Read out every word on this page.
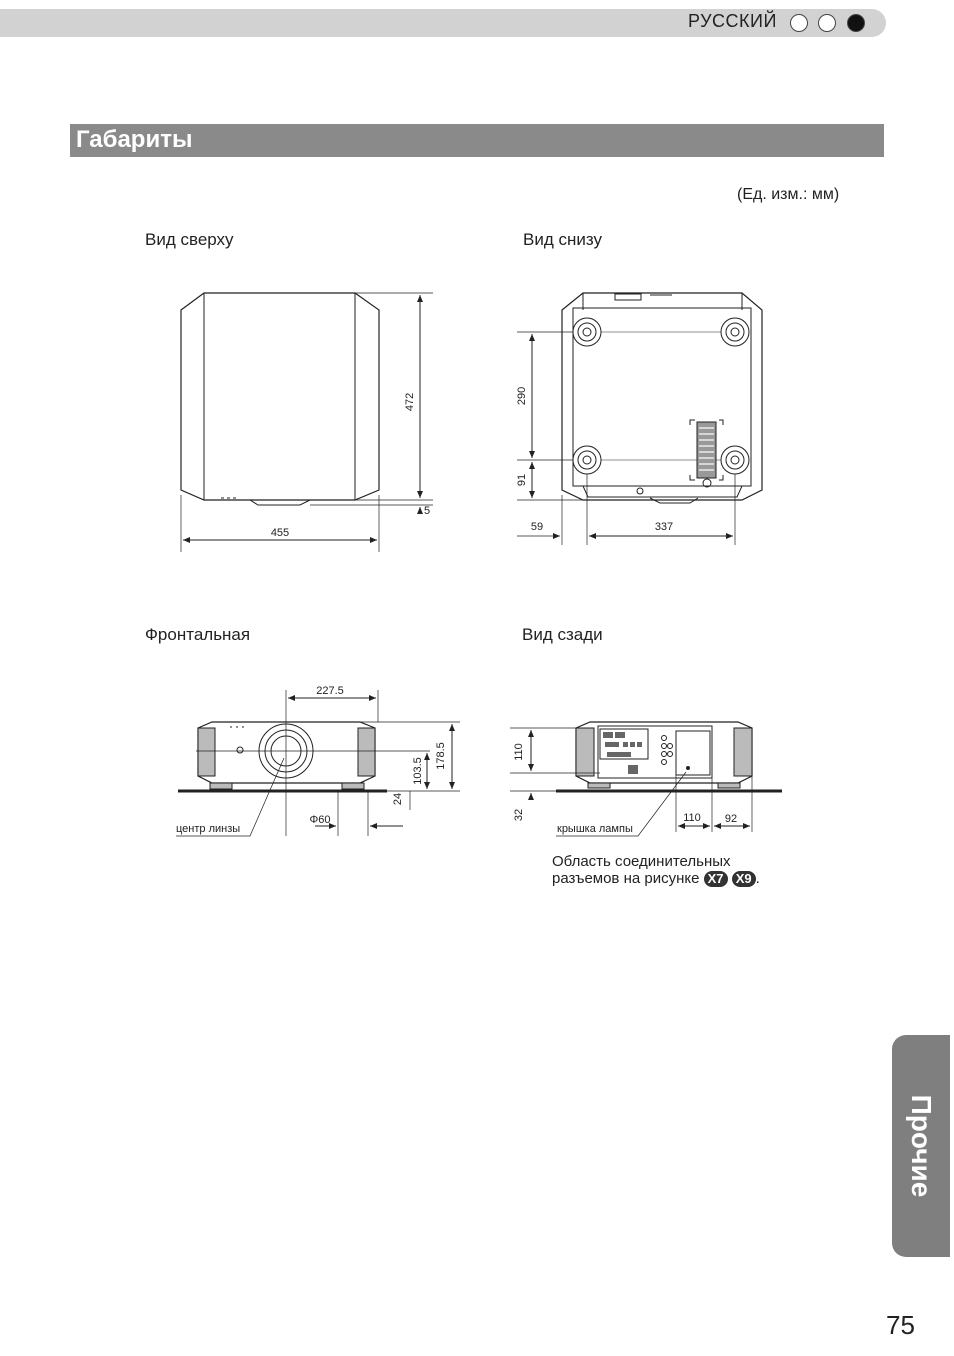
РУССКИЙ
Габариты
(Ед. изм.: мм)
Вид сверху	Вид снизу
Фронтальная	Вид сзади
472
5
455
290
91
59	337
227.5
103.5
178.5
24
Φ60
центр линзы
110
32	110 92
крышка лампы
Область соединительных
разъемов на рисунке X7 X9 .
Прочие
75
